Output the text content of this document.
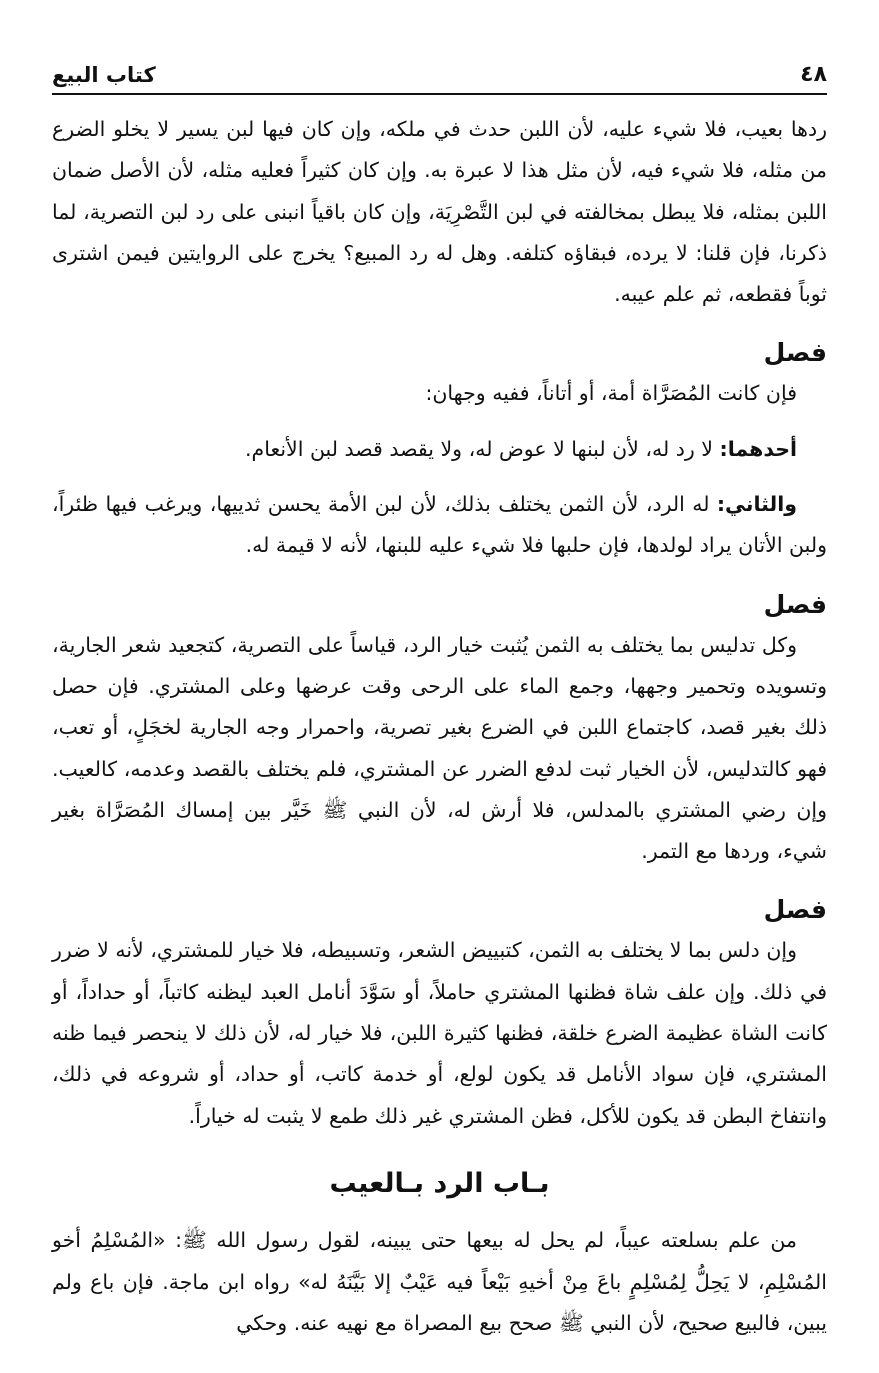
٤٨
كتاب البيع

ردها بعيب، فلا شيء عليه، لأن اللبن حدث في ملكه، وإن كان فيها لبن يسير لا يخلو الضرع من مثله، فلا شيء فيه، لأن مثل هذا لا عبرة به. وإن كان كثيراً فعليه مثله، لأن الأصل ضمان اللبن بمثله، فلا يبطل بمخالفته في لبن التَّصْرِيَة، وإن كان باقياً انبنى على رد لبن التصرية، لما ذكرنا، فإن قلنا: لا يرده، فبقاؤه كتلفه. وهل له رد المبيع؟ يخرج على الروايتين فيمن اشترى ثوباً فقطعه، ثم علم عيبه.

فصل

فإن كانت المُصَرَّاة أمة، أو أتاناً، ففيه وجهان:

أحدهما: لا رد له، لأن لبنها لا عوض له، ولا يقصد قصد لبن الأنعام.

والثاني: له الرد، لأن الثمن يختلف بذلك، لأن لبن الأمة يحسن ثدييها، ويرغب فيها ظئراً، ولبن الأتان يراد لولدها، فإن حلبها فلا شيء عليه للبنها، لأنه لا قيمة له.

فصل

وكل تدليس بما يختلف به الثمن يُثبت خيار الرد، قياساً على التصرية، كتجعيد شعر الجارية، وتسويده وتحمير وجهها، وجمع الماء على الرحى وقت عرضها وعلى المشتري. فإن حصل ذلك بغير قصد، كاجتماع اللبن في الضرع بغير تصرية، واحمرار وجه الجارية لخجَلٍ، أو تعب، فهو كالتدليس، لأن الخيار ثبت لدفع الضرر عن المشتري، فلم يختلف بالقصد وعدمه، كالعيب. وإن رضي المشتري بالمدلس، فلا أرش له، لأن النبي ﷺ خَيَّر بين إمساك المُصَرَّاة بغير شيء، وردها مع التمر.

فصل

وإن دلس بما لا يختلف به الثمن، كتبييض الشعر، وتسبيطه، فلا خيار للمشتري، لأنه لا ضرر في ذلك. وإن علف شاة فظنها المشتري حاملاً، أو سَوَّدَ أنامل العبد ليظنه كاتباً، أو حداداً، أو كانت الشاة عظيمة الضرع خلقة، فظنها كثيرة اللبن، فلا خيار له، لأن ذلك لا ينحصر فيما ظنه المشتري، فإن سواد الأنامل قد يكون لولع، أو خدمة كاتب، أو حداد، أو شروعه في ذلك، وانتفاخ البطن قد يكون للأكل، فظن المشتري غير ذلك طمع لا يثبت له خياراً.

بـاب الرد بـالعيب

من علم بسلعته عيباً، لم يحل له بيعها حتى يبينه، لقول رسول الله ﷺ: «المُسْلِمُ أخو المُسْلِمِ، لا يَحِلُّ لِمُسْلِمٍ باعَ مِنْ أخيهِ بَيْعاً فيه عَيْبٌ إلا بَيَّنَهُ له» رواه ابن ماجة. فإن باع ولم يبين، فالبيع صحيح، لأن النبي ﷺ صحح بيع المصراة مع نهيه عنه. وحكي
